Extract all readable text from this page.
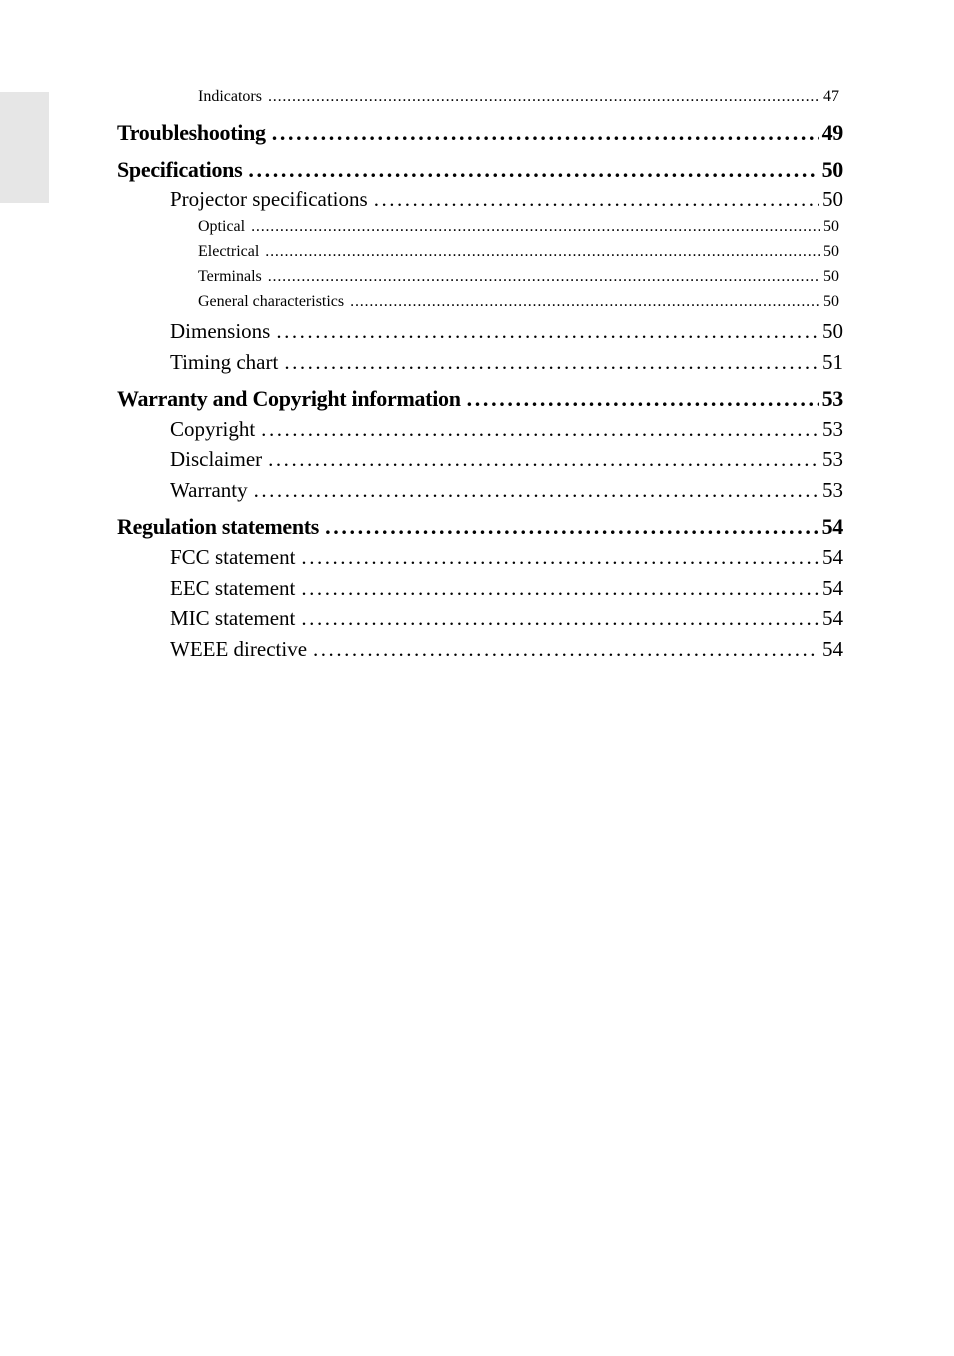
Indicators .....	47
Troubleshooting .....	49
Specifications .....	50
Projector specifications .....	50
Optical .....	50
Electrical .....	50
Terminals .....	50
General characteristics .....	50
Dimensions .....	50
Timing chart .....	51
Warranty and Copyright information .....	53
Copyright .....	53
Disclaimer .....	53
Warranty .....	53
Regulation statements .....	54
FCC statement .....	54
EEC statement .....	54
MIC statement .....	54
WEEE directive .....	54
